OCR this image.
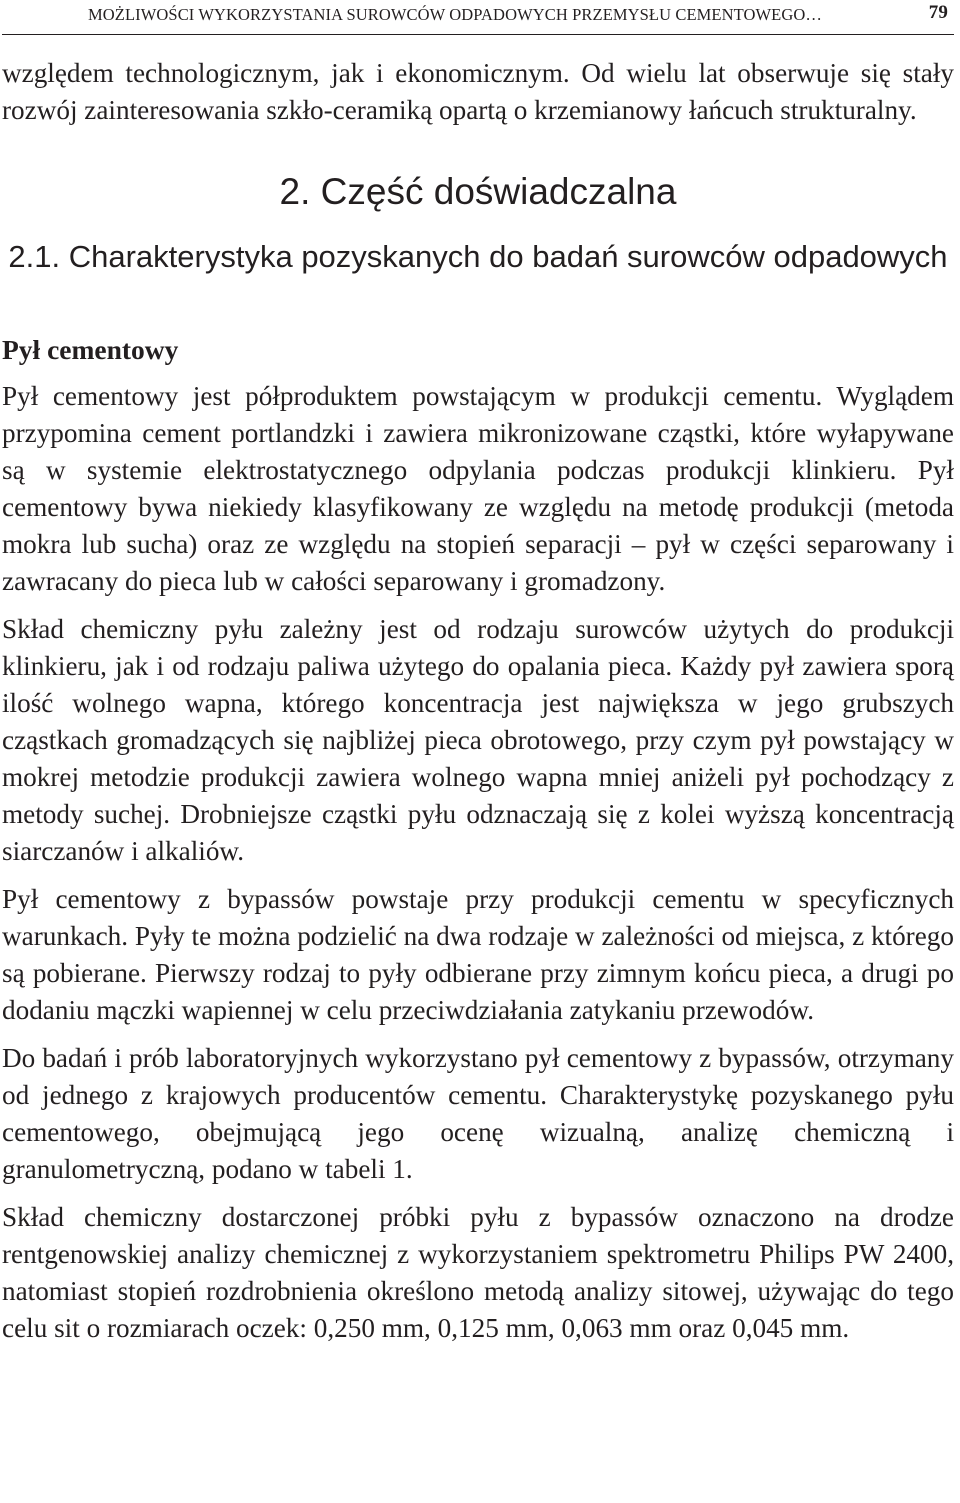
MOŻLIWOŚCI WYKORZYSTANIA SUROWCÓW ODPADOWYCH PRZEMYSŁU CEMENTOWEGO…	79

względem technologicznym, jak i ekonomicznym. Od wielu lat obserwuje się stały rozwój zainteresowania szkło-ceramiką opartą o krzemianowy łańcuch strukturalny.

2. Część doświadczalna
2.1. Charakterystyka pozyskanych do badań surowców odpadowych
Pył cementowy

Pył cementowy jest półproduktem powstającym w produkcji cementu. Wyglądem przypomina cement portlandzki i zawiera mikronizowane cząstki, które wyłapywane są w systemie elektrostatycznego odpylania podczas produkcji klinkieru. Pył cementowy bywa niekiedy klasyfikowany ze względu na metodę produkcji (metoda mokra lub sucha) oraz ze względu na stopień separacji – pył w części separowany i zawracany do pieca lub w całości separowany i gromadzony.

Skład chemiczny pyłu zależny jest od rodzaju surowców użytych do produkcji klinkieru, jak i od rodzaju paliwa użytego do opalania pieca. Każdy pył zawiera sporą ilość wolnego wapna, którego koncentracja jest największa w jego grubszych cząstkach gromadzących się najbliżej pieca obrotowego, przy czym pył powstający w mokrej metodzie produkcji zawiera wolnego wapna mniej aniżeli pył pochodzący z metody suchej. Drobniejsze cząstki pyłu odznaczają się z kolei wyższą koncentracją siarczanów i alkaliów.

Pył cementowy z bypassów powstaje przy produkcji cementu w specyficznych warunkach. Pyły te można podzielić na dwa rodzaje w zależności od miejsca, z którego są pobierane. Pierwszy rodzaj to pyły odbierane przy zimnym końcu pieca, a drugi po dodaniu mączki wapiennej w celu przeciwdziałania zatykaniu przewodów.

Do badań i prób laboratoryjnych wykorzystano pył cementowy z bypassów, otrzymany od jednego z krajowych producentów cementu. Charakterystykę pozyskanego pyłu cementowego, obejmującą jego ocenę wizualną, analizę chemiczną i granulometryczną, podano w tabeli 1.

Skład chemiczny dostarczonej próbki pyłu z bypassów oznaczono na drodze rentgenowskiej analizy chemicznej z wykorzystaniem spektrometru Philips PW 2400, natomiast stopień rozdrobnienia określono metodą analizy sitowej, używając do tego celu sit o rozmiarach oczek: 0,250 mm, 0,125 mm, 0,063 mm oraz 0,045 mm.
